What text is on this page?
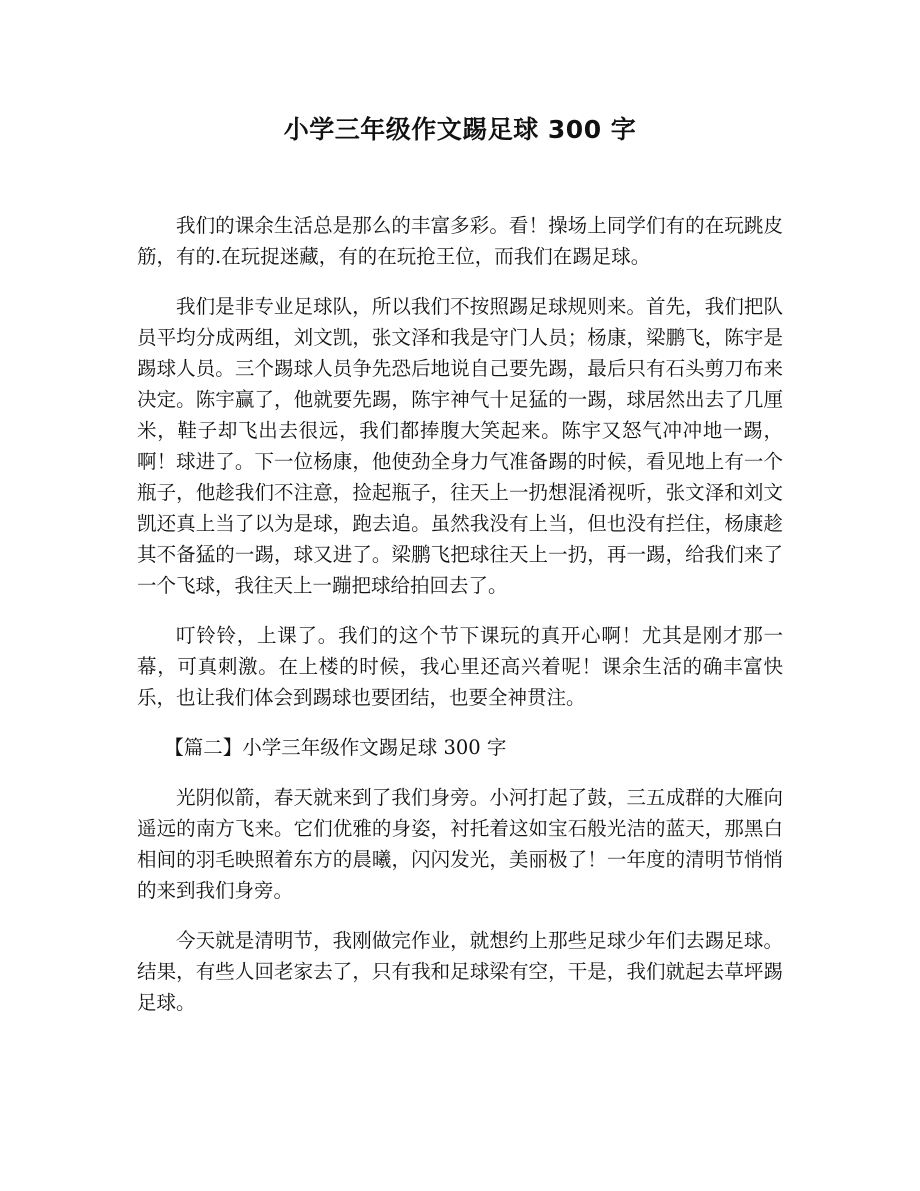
小学三年级作文踢足球 300 字

我们的课余生活总是那么的丰富多彩。看！操场上同学们有的在玩跳皮筋，有的.在玩捉迷藏，有的在玩抢王位，而我们在踢足球。

我们是非专业足球队，所以我们不按照踢足球规则来。首先，我们把队员平均分成两组，刘文凯，张文泽和我是守门人员；杨康，梁鹏飞，陈宇是踢球人员。三个踢球人员争先恐后地说自己要先踢，最后只有石头剪刀布来决定。陈宇赢了，他就要先踢，陈宇神气十足猛的一踢，球居然出去了几厘米，鞋子却飞出去很远，我们都捧腹大笑起来。陈宇又怒气冲冲地一踢，啊！球进了。下一位杨康，他使劲全身力气准备踢的时候，看见地上有一个瓶子，他趁我们不注意，捡起瓶子，往天上一扔想混淆视听，张文泽和刘文凯还真上当了以为是球，跑去追。虽然我没有上当，但也没有拦住，杨康趁其不备猛的一踢，球又进了。梁鹏飞把球往天上一扔，再一踢，给我们来了一个飞球，我往天上一蹦把球给拍回去了。

叮铃铃，上课了。我们的这个节下课玩的真开心啊！尤其是刚才那一幕，可真刺激。在上楼的时候，我心里还高兴着呢！课余生活的确丰富快乐，也让我们体会到踢球也要团结，也要全神贯注。

【篇二】小学三年级作文踢足球 300 字

光阴似箭，春天就来到了我们身旁。小河打起了鼓，三五成群的大雁向遥远的南方飞来。它们优雅的身姿，衬托着这如宝石般光洁的蓝天，那黑白相间的羽毛映照着东方的晨曦，闪闪发光，美丽极了！一年度的清明节悄悄的来到我们身旁。

今天就是清明节，我刚做完作业，就想约上那些足球少年们去踢足球。结果，有些人回老家去了，只有我和足球梁有空，干是，我们就起去草坪踢足球。
